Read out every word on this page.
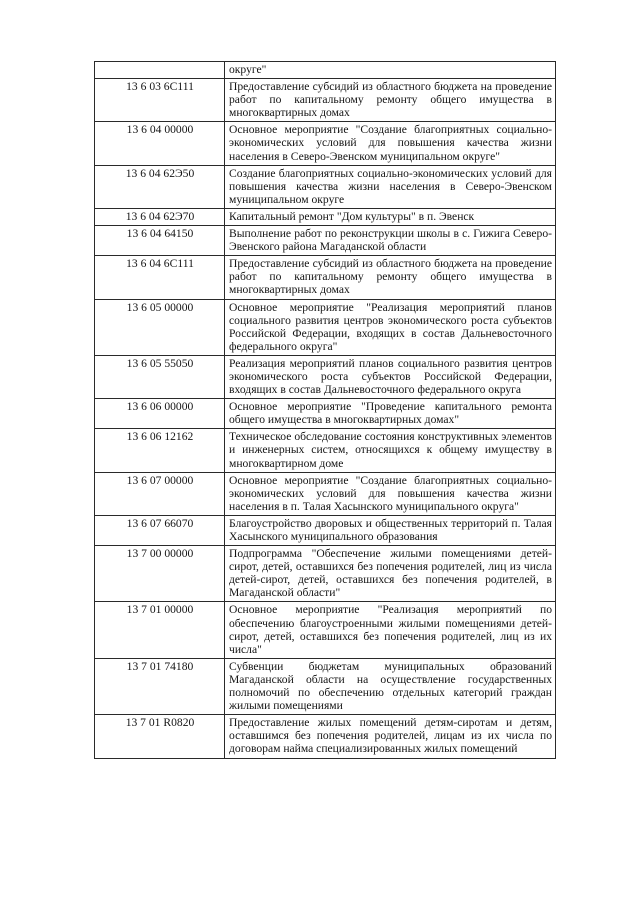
	округе"
13 6 03 6С111	Предоставление субсидий из областного бюджета на проведение работ по капитальному ремонту общего имущества в многоквартирных домах
13 6 04 00000	Основное мероприятие "Создание благоприятных социально-экономических условий для повышения качества жизни населения в Северо-Эвенском муниципальном округе"
13 6 04 62Э50	Создание благоприятных социально-экономических условий для повышения качества жизни населения в Северо-Эвенском муниципальном округе
13 6 04 62Э70	Капитальный ремонт "Дом культуры" в п. Эвенск
13 6 04 64150	Выполнение работ по реконструкции школы в с. Гижига Северо-Эвенского района Магаданской области
13 6 04 6С111	Предоставление субсидий из областного бюджета на проведение работ по капитальному ремонту общего имущества в многоквартирных домах
13 6 05 00000	Основное мероприятие "Реализация мероприятий планов социального развития центров экономического роста субъектов Российской Федерации, входящих в состав Дальневосточного федерального округа"
13 6 05 55050	Реализация мероприятий планов социального развития центров экономического роста субъектов Российской Федерации, входящих в состав Дальневосточного федерального округа
13 6 06 00000	Основное мероприятие "Проведение капитального ремонта общего имущества в многоквартирных домах"
13 6 06 12162	Техническое обследование состояния конструктивных элементов и инженерных систем, относящихся к общему имуществу в многоквартирном доме
13 6 07 00000	Основное мероприятие "Создание благоприятных социально-экономических условий для повышения качества жизни населения в п. Талая Хасынского муниципального округа"
13 6 07 66070	Благоустройство дворовых и общественных территорий п. Талая Хасынского муниципального образования
13 7 00 00000	Подпрограмма "Обеспечение жилыми помещениями детей-сирот, детей, оставшихся без попечения родителей, лиц из числа детей-сирот, детей, оставшихся без попечения родителей, в Магаданской области"
13 7 01 00000	Основное мероприятие "Реализация мероприятий по обеспечению благоустроенными жилыми помещениями детей-сирот, детей, оставшихся без попечения родителей, лиц из их числа"
13 7 01 74180	Субвенции бюджетам муниципальных образований Магаданской области на осуществление государственных полномочий по обеспечению отдельных категорий граждан жилыми помещениями
13 7 01 R0820	Предоставление жилых помещений детям-сиротам и детям, оставшимся без попечения родителей, лицам из их числа по договорам найма специализированных жилых помещений
